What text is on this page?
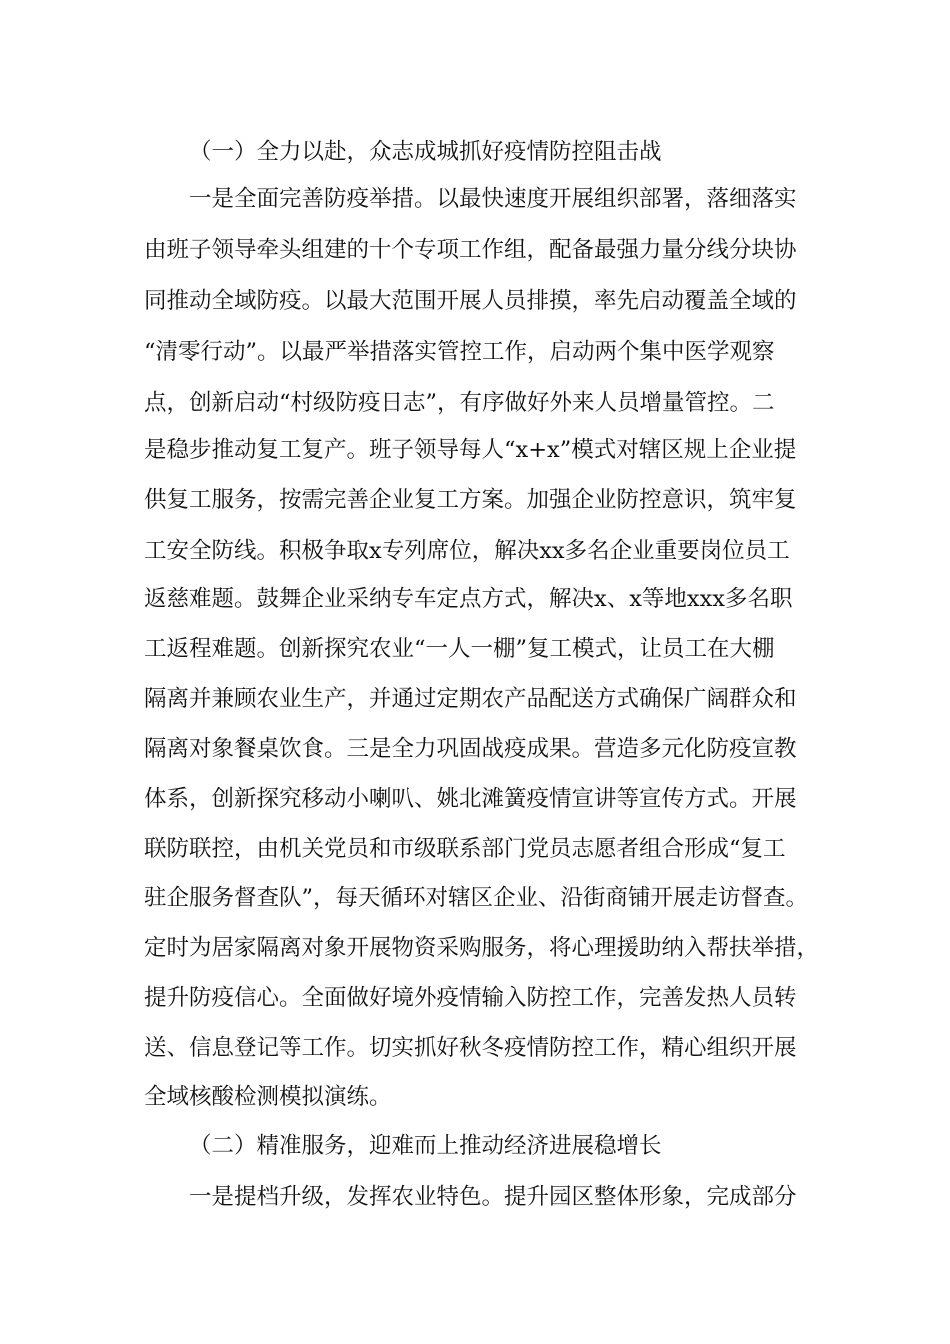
（一）全力以赴，众志成城抓好疫情防控阻击战
一是全面完善防疫举措。以最快速度开展组织部署，落细落实
由班子领导牵头组建的十个专项工作组，配备最强力量分线分块协
同推动全域防疫。以最大范围开展人员排摸，率先启动覆盖全域的
“清零行动”。以最严举措落实管控工作，启动两个集中医学观察
点，创新启动“村级防疫日志”，有序做好外来人员增量管控。二
是稳步推动复工复产。班子领导每人“x+x”模式对辖区规上企业提
供复工服务，按需完善企业复工方案。加强企业防控意识，筑牢复
工安全防线。积极争取x专列席位，解决xx多名企业重要岗位员工
返慈难题。鼓舞企业采纳专车定点方式，解决x、x等地xxx多名职
工返程难题。创新探究农业“一人一棚”复工模式，让员工在大棚
隔离并兼顾农业生产，并通过定期农产品配送方式确保广阔群众和
隔离对象餐桌饮食。三是全力巩固战疫成果。营造多元化防疫宣教
体系，创新探究移动小喇叭、姚北滩簧疫情宣讲等宣传方式。开展
联防联控，由机关党员和市级联系部门党员志愿者组合形成“复工
驻企服务督查队”，每天循环对辖区企业、沿街商铺开展走访督查。
定时为居家隔离对象开展物资采购服务，将心理援助纳入帮扶举措，
提升防疫信心。全面做好境外疫情输入防控工作，完善发热人员转
送、信息登记等工作。切实抓好秋冬疫情防控工作，精心组织开展
全域核酸检测模拟演练。
（二）精准服务，迎难而上推动经济进展稳增长
一是提档升级，发挥农业特色。提升园区整体形象，完成部分
